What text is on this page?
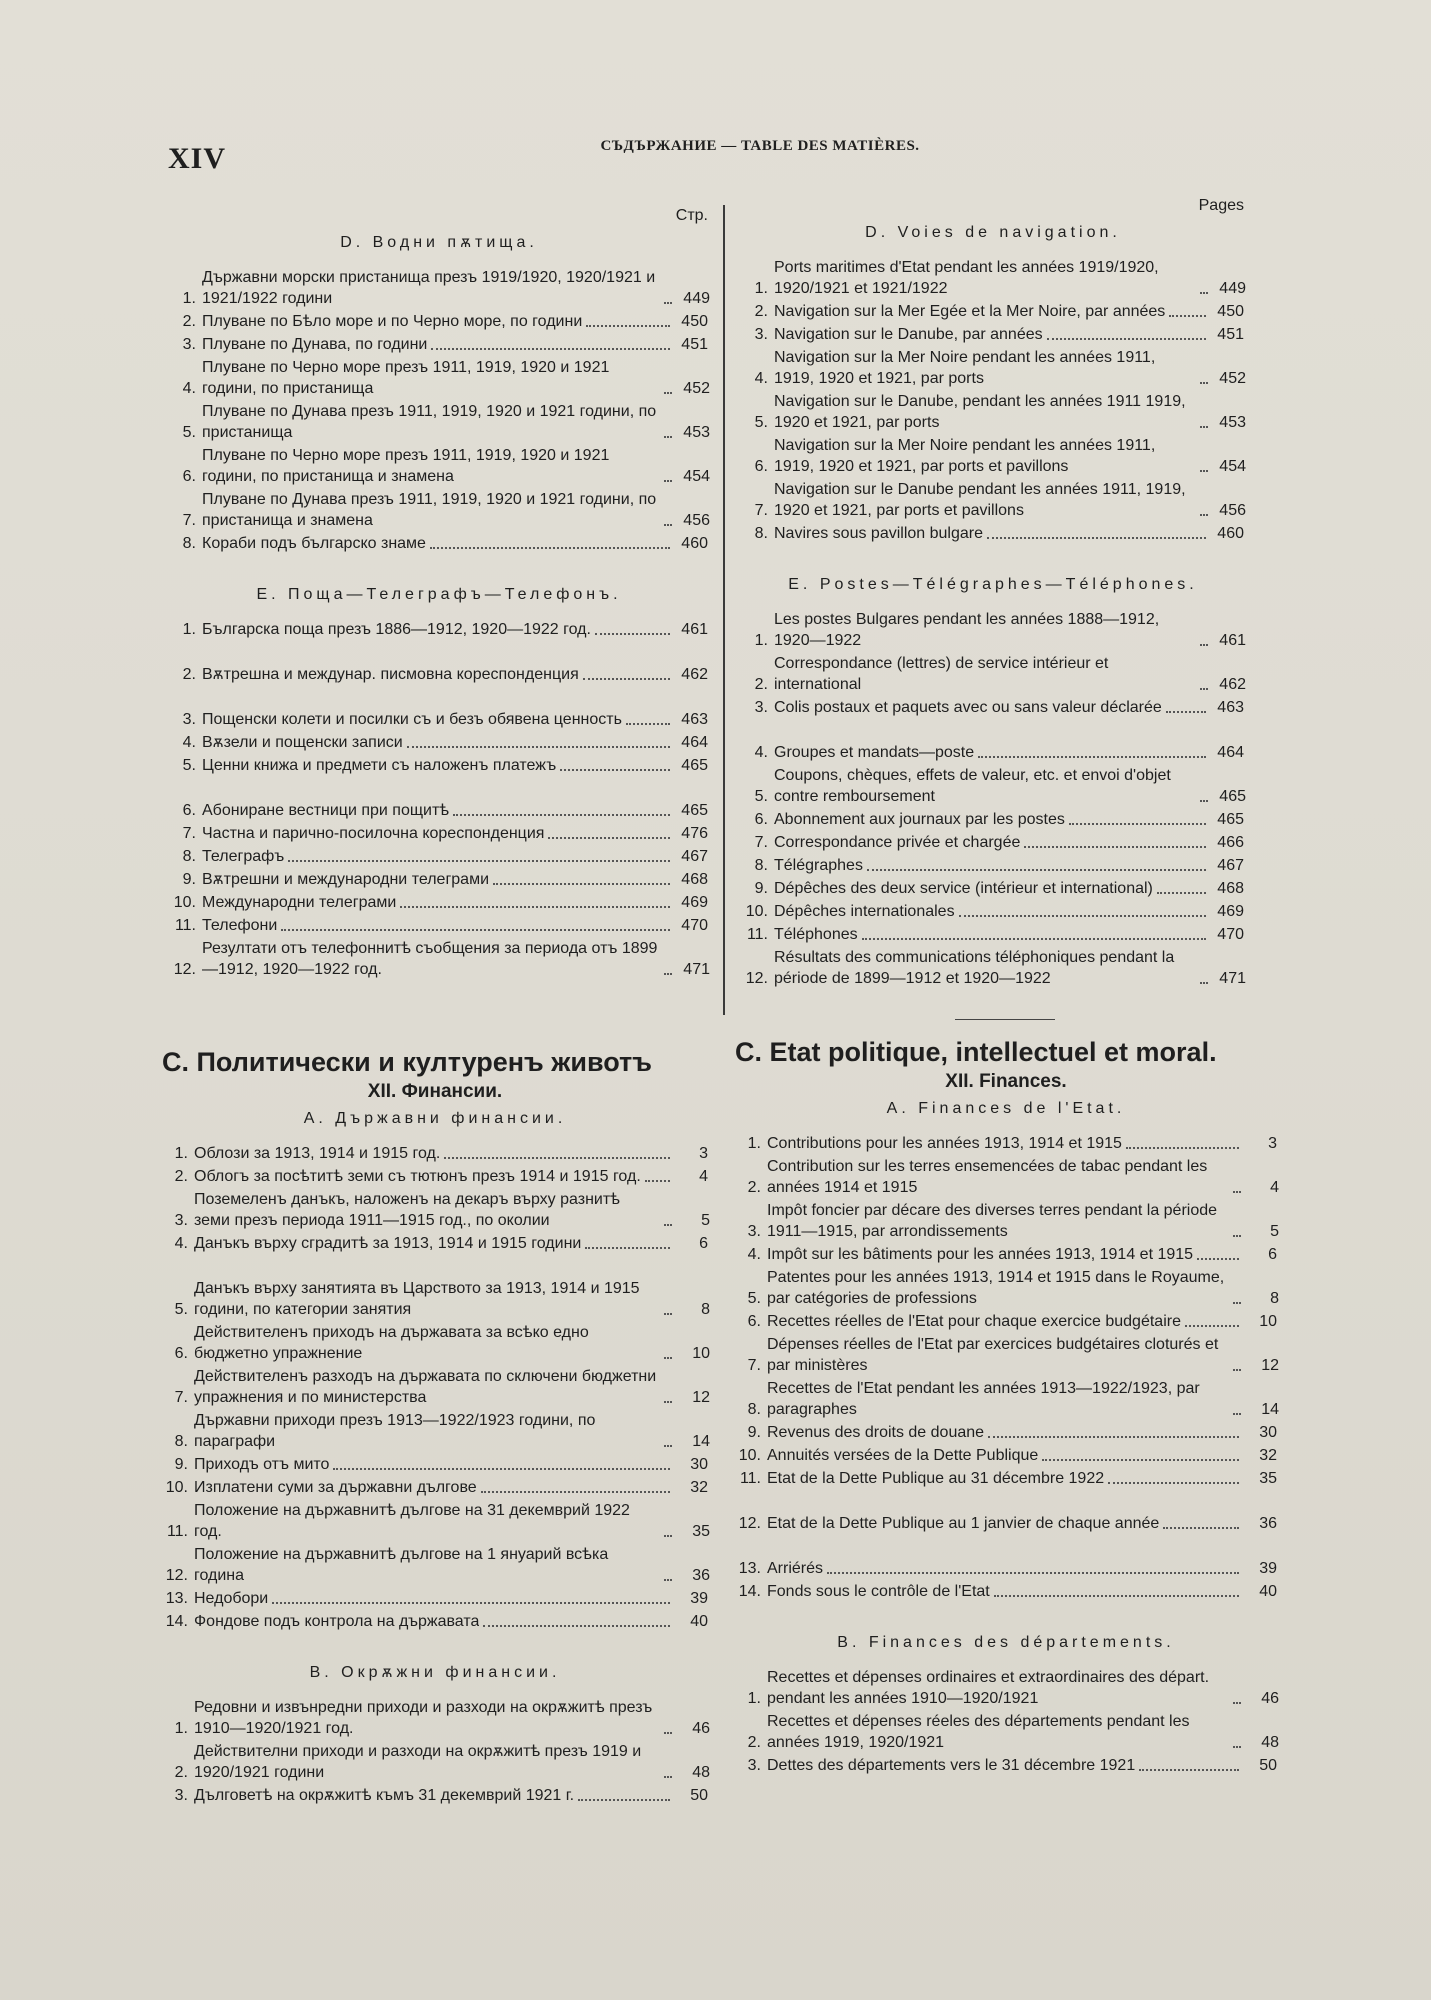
XIV	СЪДЪРЖАНИЕ — TABLE DES MATIÈRES.
Стр.
D. Водни пѫтища.
1.
Държавни морски пристанища презъ 1919/1920, 1920/1921 и 1921/1922 години	449
2. Плуване по Бѣло море и по Черно море, по години	450
3. Плуване по Дунава, по години	451
4.
Плуване по Черно море презъ 1911, 1919, 1920 и 1921 години, по пристанища	452
5.
Плуване по Дунава презъ 1911, 1919, 1920 и 1921 години, по пристанища	453
6.
Плуване по Черно море презъ 1911, 1919, 1920 и 1921 години, по пристанища и знамена	454
7.
Плуване по Дунава презъ 1911, 1919, 1920 и 1921 години, по пристанища и знамена	456
8. Кораби подъ българско знаме	460
E. Поща—Телеграфъ—Телефонъ.
1. Българска поща презъ 1886—1912, 1920—1922 год.	461
2. Вѫтрешна и междунар. писмовна кореспонденция	462
3. Пощенски колети и посилки съ и безъ обявена ценность	463
4. Вѫзели и пощенски записи	464
5. Ценни книжа и предмети съ наложенъ платежъ	465
6. Абониране вестници при пощитѣ	465
7. Частна и парично-посилочна кореспонденция	476
8. Телеграфъ	467
9. Вѫтрешни и международни телеграми	468
10. Международни телеграми	469
11. Телефони	470
12.
Резултати отъ телефоннитѣ съобщения за периода отъ 1899—1912, 1920—1922 год.	471
Pages
D. Voies de navigation.
1.
Ports maritimes d'Etat pendant les années 1919/1920, 1920/1921 et 1921/1922	449
2. Navigation sur la Mer Egée et la Mer Noire, par années	450
3. Navigation sur le Danube, par années	451
4.
Navigation sur la Mer Noire pendant les années 1911, 1919, 1920 et 1921, par ports	452
5.
Navigation sur le Danube, pendant les années 1911 1919, 1920 et 1921, par ports	453
6.
Navigation sur la Mer Noire pendant les années 1911, 1919, 1920 et 1921, par ports et pavillons	454
7.
Navigation sur le Danube pendant les années 1911, 1919, 1920 et 1921, par ports et pavillons	456
8. Navires sous pavillon bulgare	460
E. Postes—Télégraphes—Téléphones.
1.
Les postes Bulgares pendant les années 1888—1912, 1920—1922	461
2.
Correspondance (lettres) de service intérieur et international	462
3. Colis postaux et paquets avec ou sans valeur déclarée	463
4. Groupes et mandats—poste	464
5.
Coupons, chèques, effets de valeur, etc. et envoi d'objet contre remboursement	465
6. Abonnement aux journaux par les postes	465
7. Correspondance privée et chargée	466
8. Télégraphes	467
9. Dépêches des deux service (intérieur et international)	468
10. Dépêches internationales	469
11. Téléphones	470
12.
Résultats des communications téléphoniques pendant la période de 1899—1912 et 1920—1922	471
C. Политически и културенъ животъ
XII. Финансии.
A. Държавни финансии.
1. Облози за 1913, 1914 и 1915 год.	3
2. Облогъ за посѣтитѣ земи съ тютюнъ презъ 1914 и 1915 год.	4
3.
Поземеленъ данъкъ, наложенъ на декаръ върху разнитѣ земи презъ периода 1911—1915 год., по околии	5
4. Данъкъ върху сградитѣ за 1913, 1914 и 1915 години	6
5.
Данъкъ върху занятията въ Царството за 1913, 1914 и 1915 години, по категории занятия	8
6.
Действителенъ приходъ на държавата за всѣко едно бюджетно упражнение	10
7.
Действителенъ разходъ на държавата по сключени бюджетни упражнения и по министерства	12
8.
Държавни приходи презъ 1913—1922/1923 години, по параграфи	14
9. Приходъ отъ мито	30
10. Изплатени суми за държавни дългове	32
11.
Положение на държавнитѣ дългове на 31 декемврий 1922 год.	35
12.
Положение на държавнитѣ дългове на 1 януарий всѣка година	36
13. Недобори	39
14. Фондове подъ контрола на държавата	40
B. Окрѫжни финансии.
1.
Редовни и извънредни приходи и разходи на окрѫжитѣ презъ 1910—1920/1921 год.	46
2.
Действителни приходи и разходи на окрѫжитѣ презъ 1919 и 1920/1921 години	48
3. Дълговетѣ на окрѫжитѣ къмъ 31 декемврий 1921 г.	50
C. Etat politique, intellectuel et moral.
XII. Finances.
A. Finances de l'Etat.
1. Contributions pour les années 1913, 1914 et 1915	3
2.
Contribution sur les terres ensemencées de tabac pendant les années 1914 et 1915	4
3.
Impôt foncier par décare des diverses terres pendant la période 1911—1915, par arrondissements	5
4. Impôt sur les bâtiments pour les années 1913, 1914 et 1915	6
5.
Patentes pour les années 1913, 1914 et 1915 dans le Royaume, par catégories de professions	8
6. Recettes réelles de l'Etat pour chaque exercice budgétaire	10
7.
Dépenses réelles de l'Etat par exercices budgétaires cloturés et par ministères	12
8.
Recettes de l'Etat pendant les années 1913—1922/1923, par paragraphes	14
9. Revenus des droits de douane	30
10. Annuités versées de la Dette Publique	32
11. Etat de la Dette Publique au 31 décembre 1922	35
12. Etat de la Dette Publique au 1 janvier de chaque année	36
13. Arriérés	39
14. Fonds sous le contrôle de l'Etat	40
B. Finances des départements.
1.
Recettes et dépenses ordinaires et extraordinaires des départ. pendant les années 1910—1920/1921	46
2.
Recettes et dépenses réeles des départements pendant les années 1919, 1920/1921	48
3. Dettes des départements vers le 31 décembre 1921	50
